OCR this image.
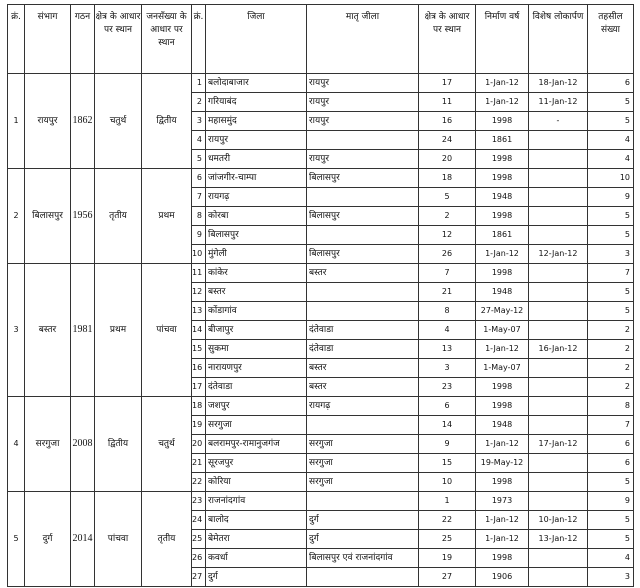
क्रं.	संभाग	गठन	क्षेत्र के आधार पर स्थान	जनसँख्या के आधार पर स्थान	क्रं.	जिला	मातृ जीला	क्षेत्र के आधार पर स्थान	निर्माण वर्ष	विशेष लोकार्पण	तहसील संख्या
1	रायपुर	1862	चतुर्थ	द्वितीय	1	बलोदाबाजार	रायपुर	17	1-Jan-12	18-Jan-12	6
					2	गरियाबंद	रायपुर	11	1-Jan-12	11-Jan-12	5
					3	महासमुंद	रायपुर	16	1998	-	5
					4	रायपुर		24	1861		4
					5	धमतरी	रायपुर	20	1998		4
2	बिलासपुर	1956	तृतीय	प्रथम	6	जांजगीर-चाम्पा	बिलासपुर	18	1998		10
					7	रायगढ़		5	1948		9
					8	कोरबा	बिलासपुर	2	1998		5
					9	बिलासपुर		12	1861		5
					10	मुंगेली	बिलासपुर	26	1-Jan-12	12-Jan-12	3
3	बस्तर	1981	प्रथम	पांचवा	11	कांकेर	बस्तर	7	1998		7
					12	बस्तर		21	1948		5
					13	कोंडागांव		8	27-May-12		5
					14	बीजापुर	दंतेवाडा	4	1-May-07		2
					15	सुकमा	दंतेवाडा	13	1-Jan-12	16-Jan-12	2
					16	नारायणपुर	बस्तर	3	1-May-07		2
					17	दंतेवाडा	बस्तर	23	1998		2
4	सरगुजा	2008	द्वितीय	चतुर्थ	18	जशपुर	रायगढ़	6	1998		8
					19	सरगुजा		14	1948		7
					20	बलरामपुर-रामानुजगंज	सरगुजा	9	1-Jan-12	17-Jan-12	6
					21	सूरजपुर	सरगुजा	15	19-May-12		6
					22	कोरिया	सरगुजा	10	1998		5
5	दुर्ग	2014	पांचवा	तृतीय	23	राजनांदगांव		1	1973		9
					24	बालोद	दुर्ग	22	1-Jan-12	10-Jan-12	5
					25	बेमेतरा	दुर्ग	25	1-Jan-12	13-Jan-12	5
					26	कवर्धा	बिलासपुर एवं राजनांदगांव	19	1998		4
					27	दुर्ग		27	1906		3
